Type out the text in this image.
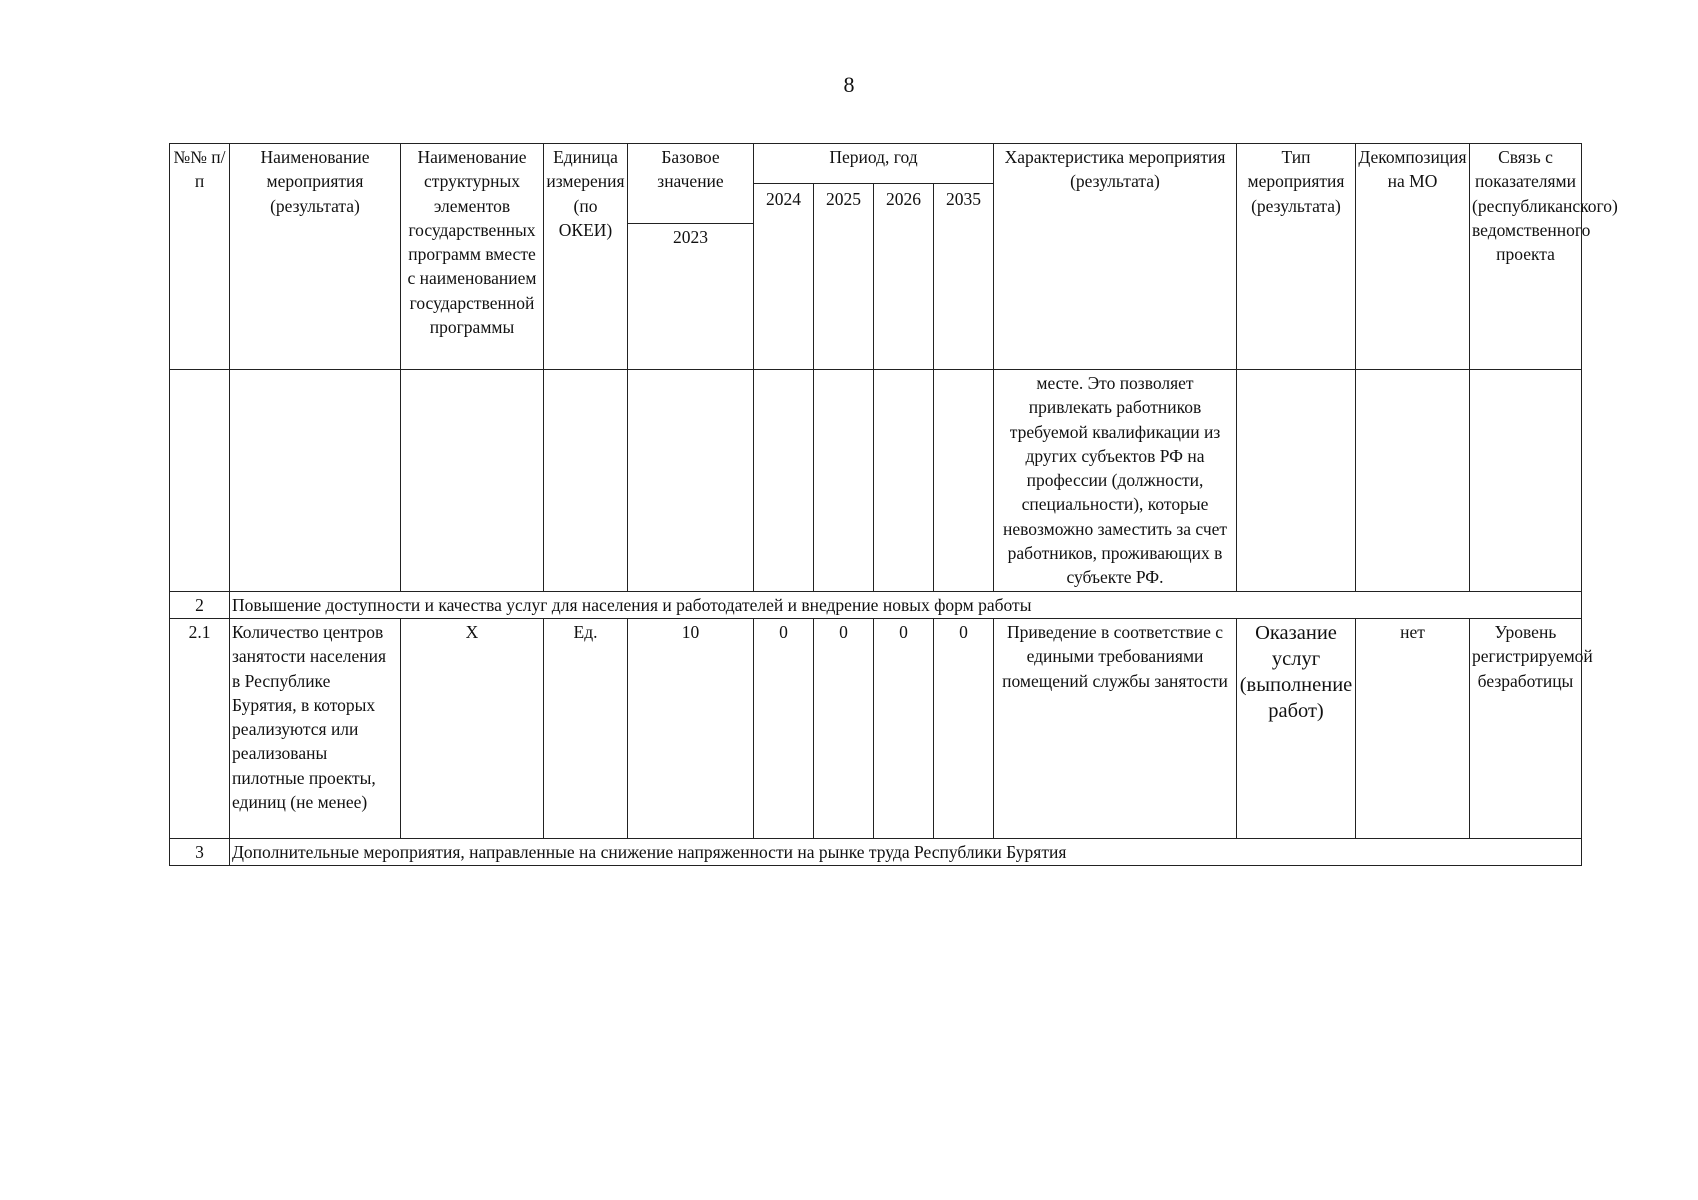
8
№№ п/п	Наименование мероприятия (результата)	Наименование структурных элементов государственных программ вместе с наименованием государственной программы	Единица измерения (по ОКЕИ)	Базовое значение	Период, год				Характеристика мероприятия (результата)	Тип мероприятия (результата)	Декомпозиция на МО	Связь с показателями (республиканского) ведомственного проекта
					2024	2025	2026	2035				
				2023								
									месте. Это позволяет привлекать работников требуемой квалификации из других субъектов РФ на профессии (должности, специальности), которые невозможно заместить за счет работников, проживающих в субъекте РФ.			
2	Повышение доступности и качества услуг для населения и работодателей и внедрение новых форм работы											
2.1	Количество центров занятости населения в Республике Бурятия, в которых реализуются или реализованы пилотные проекты, единиц (не менее)	Х	Ед.	10	0	0	0	0	Приведение в соответствие с едиными требованиями помещений службы занятости	Оказание услуг (выполнение работ)	нет	Уровень регистрируемой безработицы
3	Дополнительные мероприятия, направленные на снижение напряженности на рынке труда Республики Бурятия											
